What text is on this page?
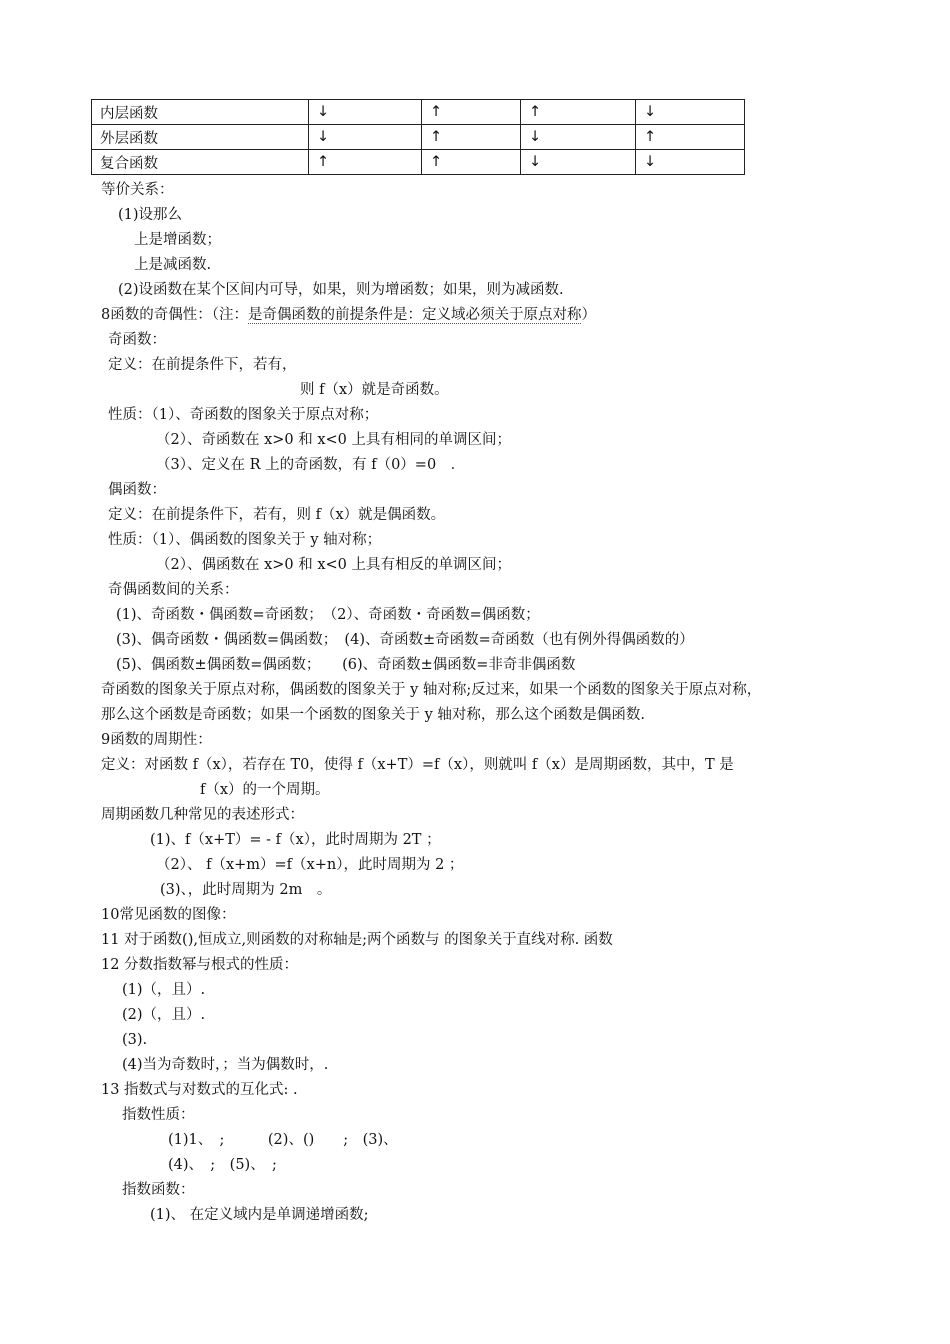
内层函数	↓	↑	↑	↓
外层函数	↓	↑	↓	↑
复合函数	↑	↑	↓	↓
等价关系：
(1)设那么
上是增函数；
上是减函数.
(2)设函数在某个区间内可导，如果，则为增函数；如果，则为减函数.
8函数的奇偶性：（注：是奇偶函数的前提条件是：定义域必须关于原点对称）
奇函数：
定义：在前提条件下，若有，
则 f（x）就是奇函数。
性质：（1）、奇函数的图象关于原点对称；
（2）、奇函数在 x>0 和 x<0 上具有相同的单调区间；
（3）、定义在 R 上的奇函数，有 f（0）=0　．
偶函数：
定义：在前提条件下，若有，则 f（x）就是偶函数。
性质：（1）、偶函数的图象关于 y 轴对称；
（2）、偶函数在 x>0 和 x<0 上具有相反的单调区间；
奇偶函数间的关系：
(1)、奇函数・偶函数=奇函数；　（2）、奇函数・奇函数=偶函数；
(3)、偶奇函数・偶函数=偶函数；　(4)、奇函数±奇函数=奇函数（也有例外得偶函数的）
(5)、偶函数±偶函数=偶函数；　　(6)、奇函数±偶函数=非奇非偶函数
奇函数的图象关于原点对称，偶函数的图象关于 y 轴对称;反过来，如果一个函数的图象关于原点对称，
那么这个函数是奇函数；如果一个函数的图象关于 y 轴对称，那么这个函数是偶函数.
9函数的周期性：
定义：对函数 f（x），若存在 T0，使得 f（x+T）=f（x），则就叫 f（x）是周期函数，其中，T 是
f（x）的一个周期。
周期函数几种常见的表述形式：
(1)、f（x+T）= - f（x），此时周期为 2T ；
（2）、 f（x+m）=f（x+n），此时周期为 2 ；
(3)、，此时周期为 2m　。
10常见函数的图像：
11 对于函数(),恒成立,则函数的对称轴是;两个函数与 的图象关于直线对称. 函数
12 分数指数幂与根式的性质：
(1)（，且）.
(2)（，且）.
(3).
(4)当为奇数时，；当为偶数时，.
13 指数式与对数式的互化式: .
指数性质：
(1)1、　;　　　(2)、()　　;　(3)、
(4)、　;　(5)、　;
指数函数：
(1)、 在定义域内是单调递增函数;
